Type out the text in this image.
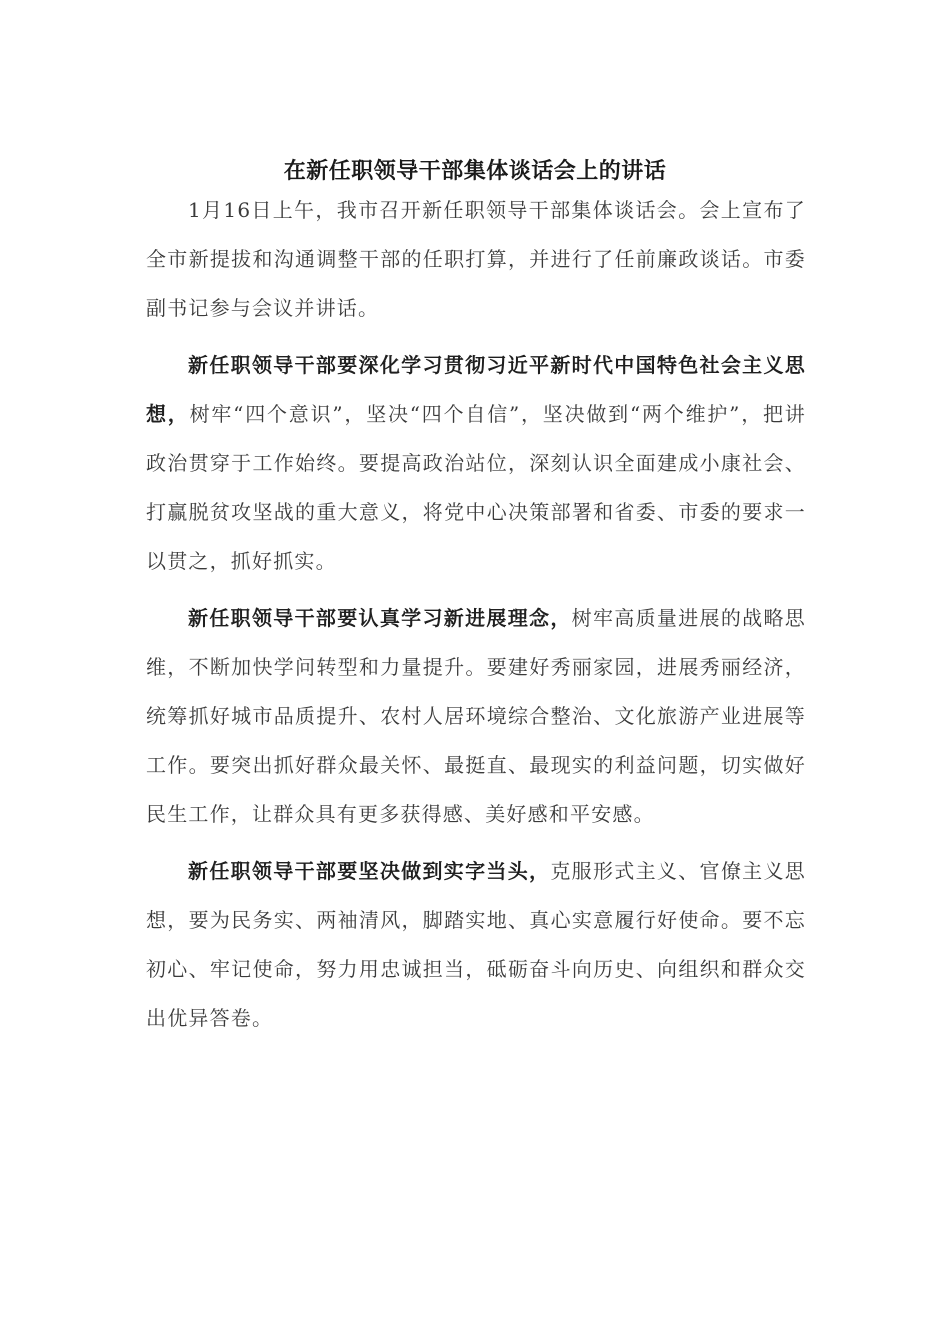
在新任职领导干部集体谈话会上的讲话

1月16日上午，我市召开新任职领导干部集体谈话会。会上宣布了全市新提拔和沟通调整干部的任职打算，并进行了任前廉政谈话。市委副书记参与会议并讲话。

新任职领导干部要深化学习贯彻习近平新时代中国特色社会主义思想，树牢“四个意识”，坚决“四个自信”，坚决做到“两个维护”，把讲政治贯穿于工作始终。要提高政治站位，深刻认识全面建成小康社会、打赢脱贫攻坚战的重大意义，将党中心决策部署和省委、市委的要求一以贯之，抓好抓实。

新任职领导干部要认真学习新进展理念，树牢高质量进展的战略思维，不断加快学问转型和力量提升。要建好秀丽家园，进展秀丽经济，统筹抓好城市品质提升、农村人居环境综合整治、文化旅游产业进展等工作。要突出抓好群众最关怀、最挺直、最现实的利益问题，切实做好民生工作，让群众具有更多获得感、美好感和平安感。

新任职领导干部要坚决做到实字当头，克服形式主义、官僚主义思想，要为民务实、两袖清风，脚踏实地、真心实意履行好使命。要不忘初心、牢记使命，努力用忠诚担当，砥砺奋斗向历史、向组织和群众交出优异答卷。
